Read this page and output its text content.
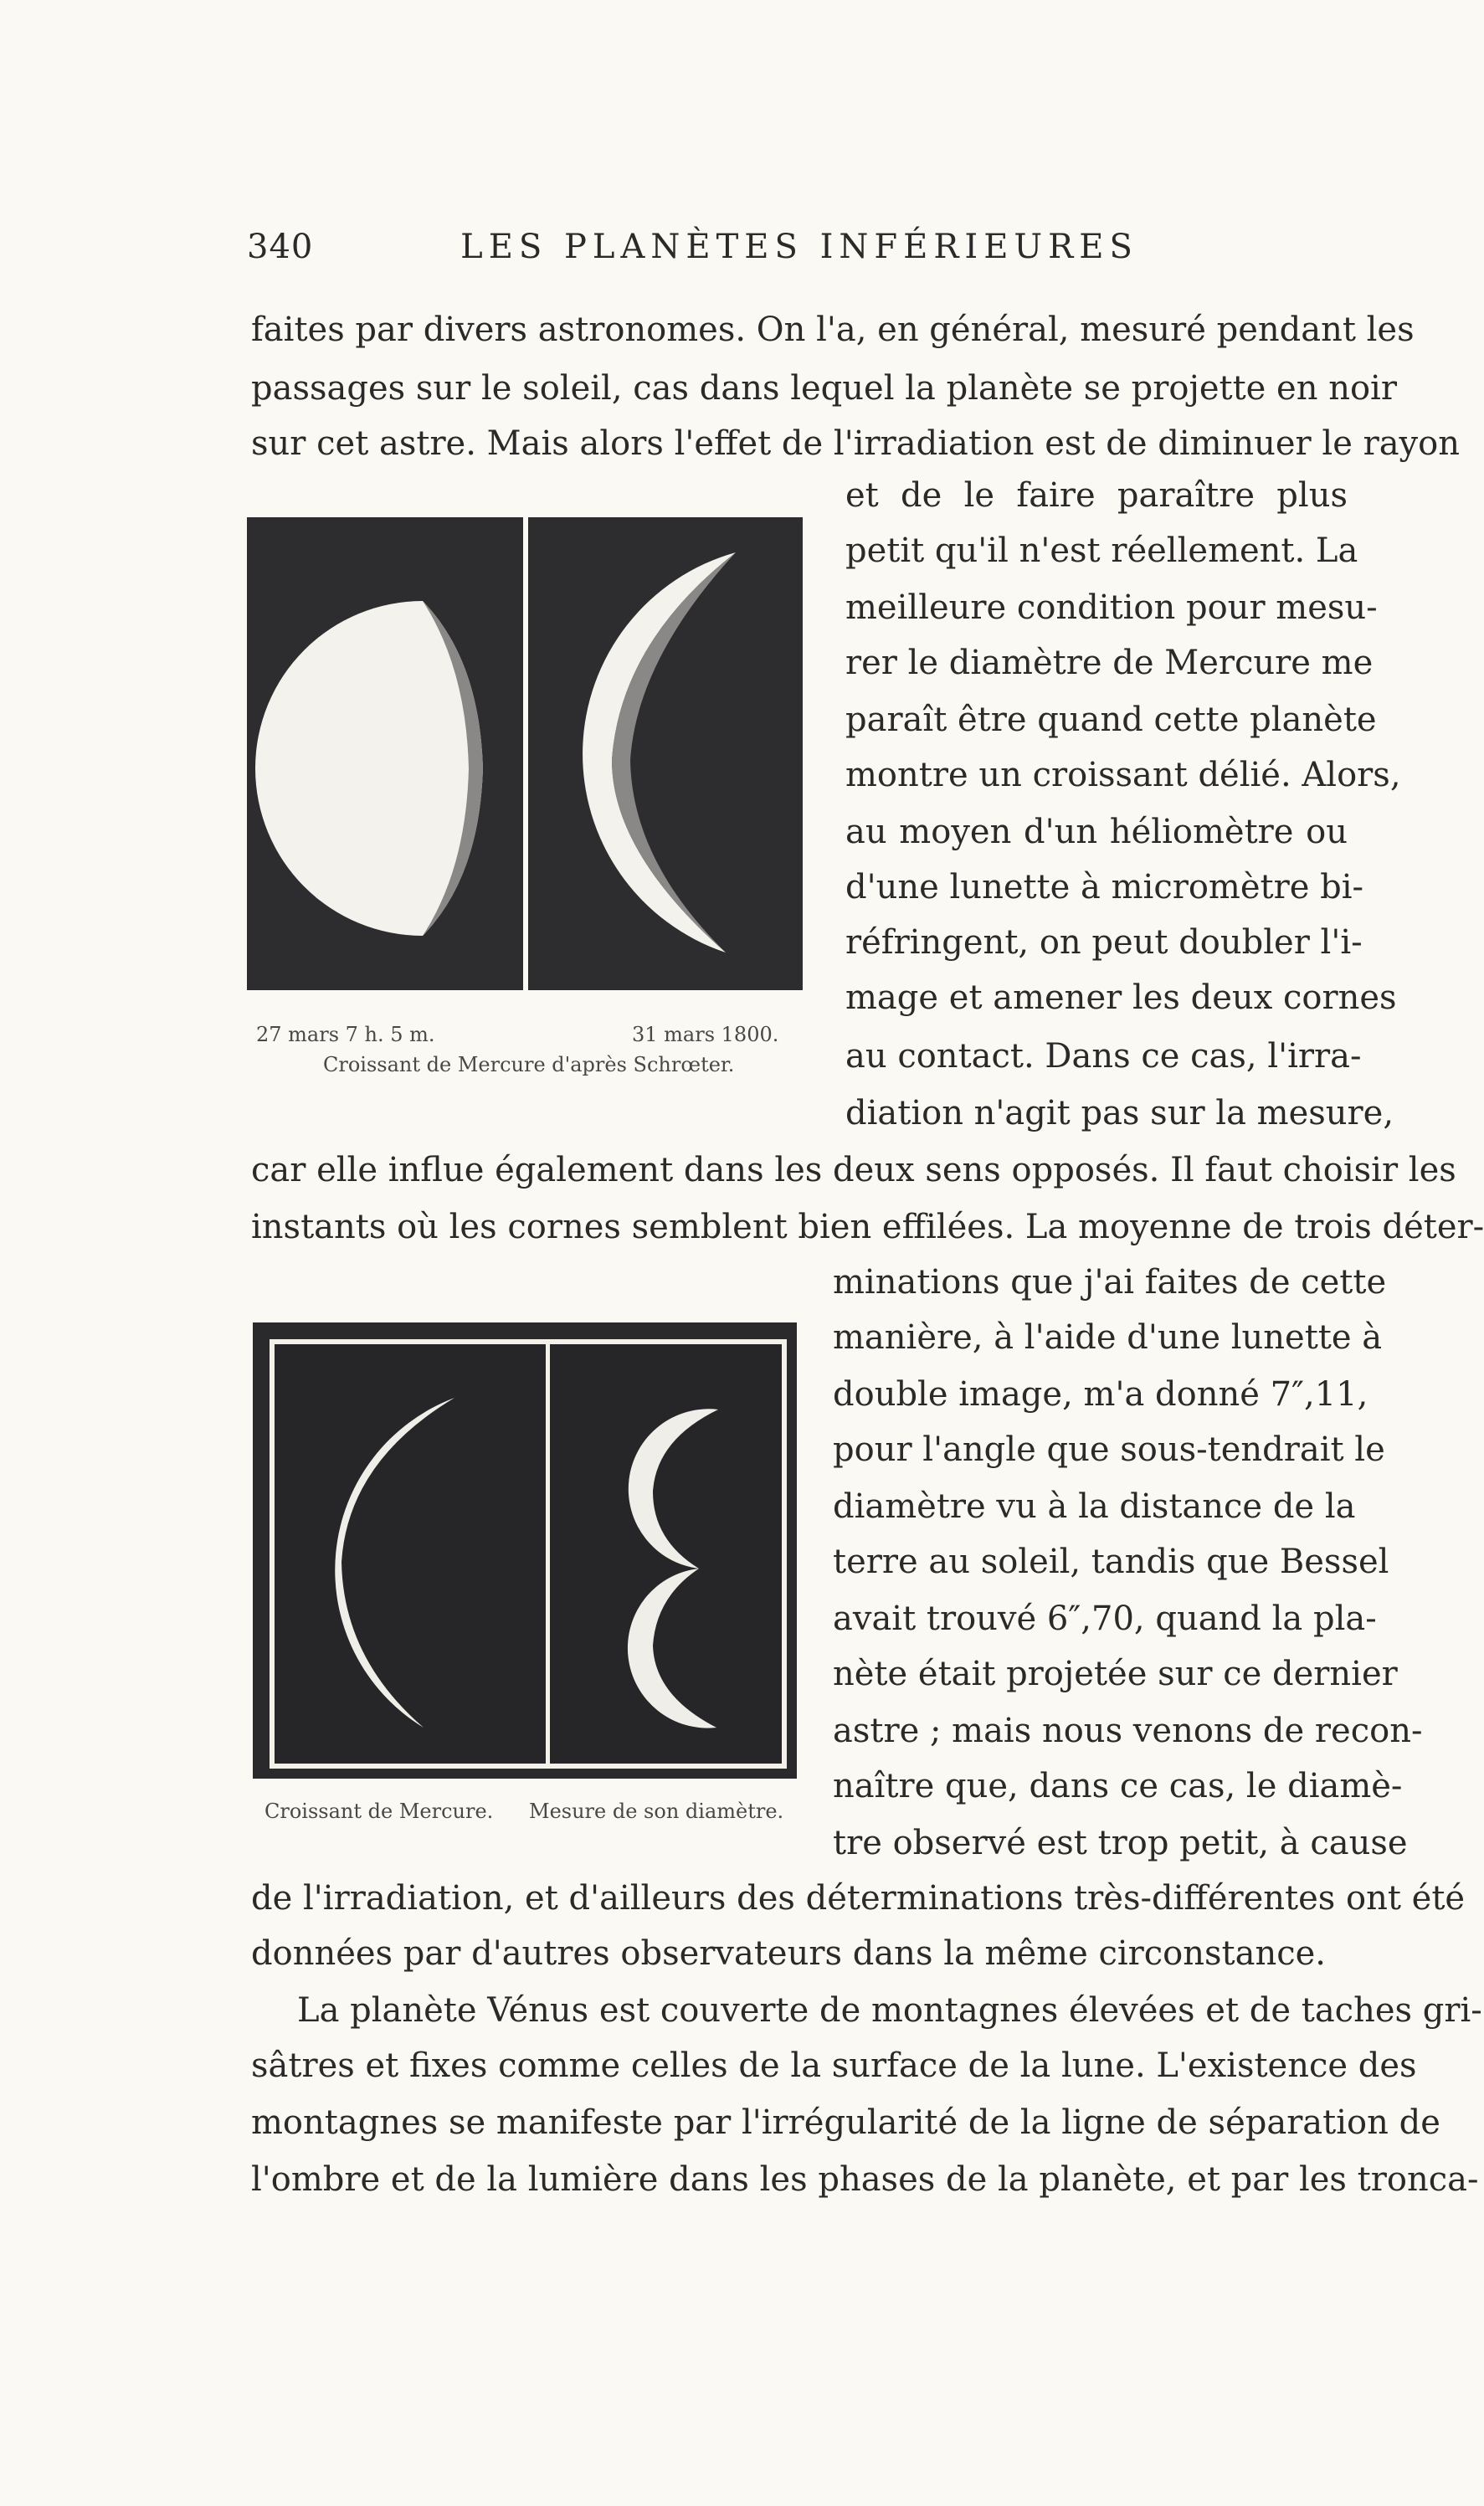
340	LES PLANÈTES INFÉRIEURES
faites par divers astronomes. On l'a, en général, mesuré pendant les
passages sur le soleil, cas dans lequel la planète se projette en noir
sur cet astre. Mais alors l'effet de l'irradiation est de diminuer le rayon
et de le faire paraître plus
petit qu'il n'est réellement. La
meilleure condition pour mesu-
rer le diamètre de Mercure me
paraît être quand cette planète
montre un croissant délié. Alors,
au moyen d'un héliomètre ou
d'une lunette à micromètre bi-
réfringent, on peut doubler l'i-
mage et amener les deux cornes
au contact. Dans ce cas, l'irra-
diation n'agit pas sur la mesure,
car elle influe également dans les deux sens opposés. Il faut choisir les
instants où les cornes semblent bien effilées. La moyenne de trois déter-
minations que j'ai faites de cette
manière, à l'aide d'une lunette à
double image, m'a donné 7″,11,
pour l'angle que sous-tendrait le
diamètre vu à la distance de la
terre au soleil, tandis que Bessel
avait trouvé 6″,70, quand la pla-
nète était projetée sur ce dernier
astre ; mais nous venons de recon-
naître que, dans ce cas, le diamè-
tre observé est trop petit, à cause
de l'irradiation, et d'ailleurs des déterminations très-différentes ont été
données par d'autres observateurs dans la même circonstance.
La planète Vénus est couverte de montagnes élevées et de taches gri-
sâtres et fixes comme celles de la surface de la lune. L'existence des
montagnes se manifeste par l'irrégularité de la ligne de séparation de
l'ombre et de la lumière dans les phases de la planète, et par les tronca-
27 mars 7 h. 5 m.	31 mars 1800.
Croissant de Mercure d'après Schrœter.
Croissant de Mercure. Mesure de son diamètre.
